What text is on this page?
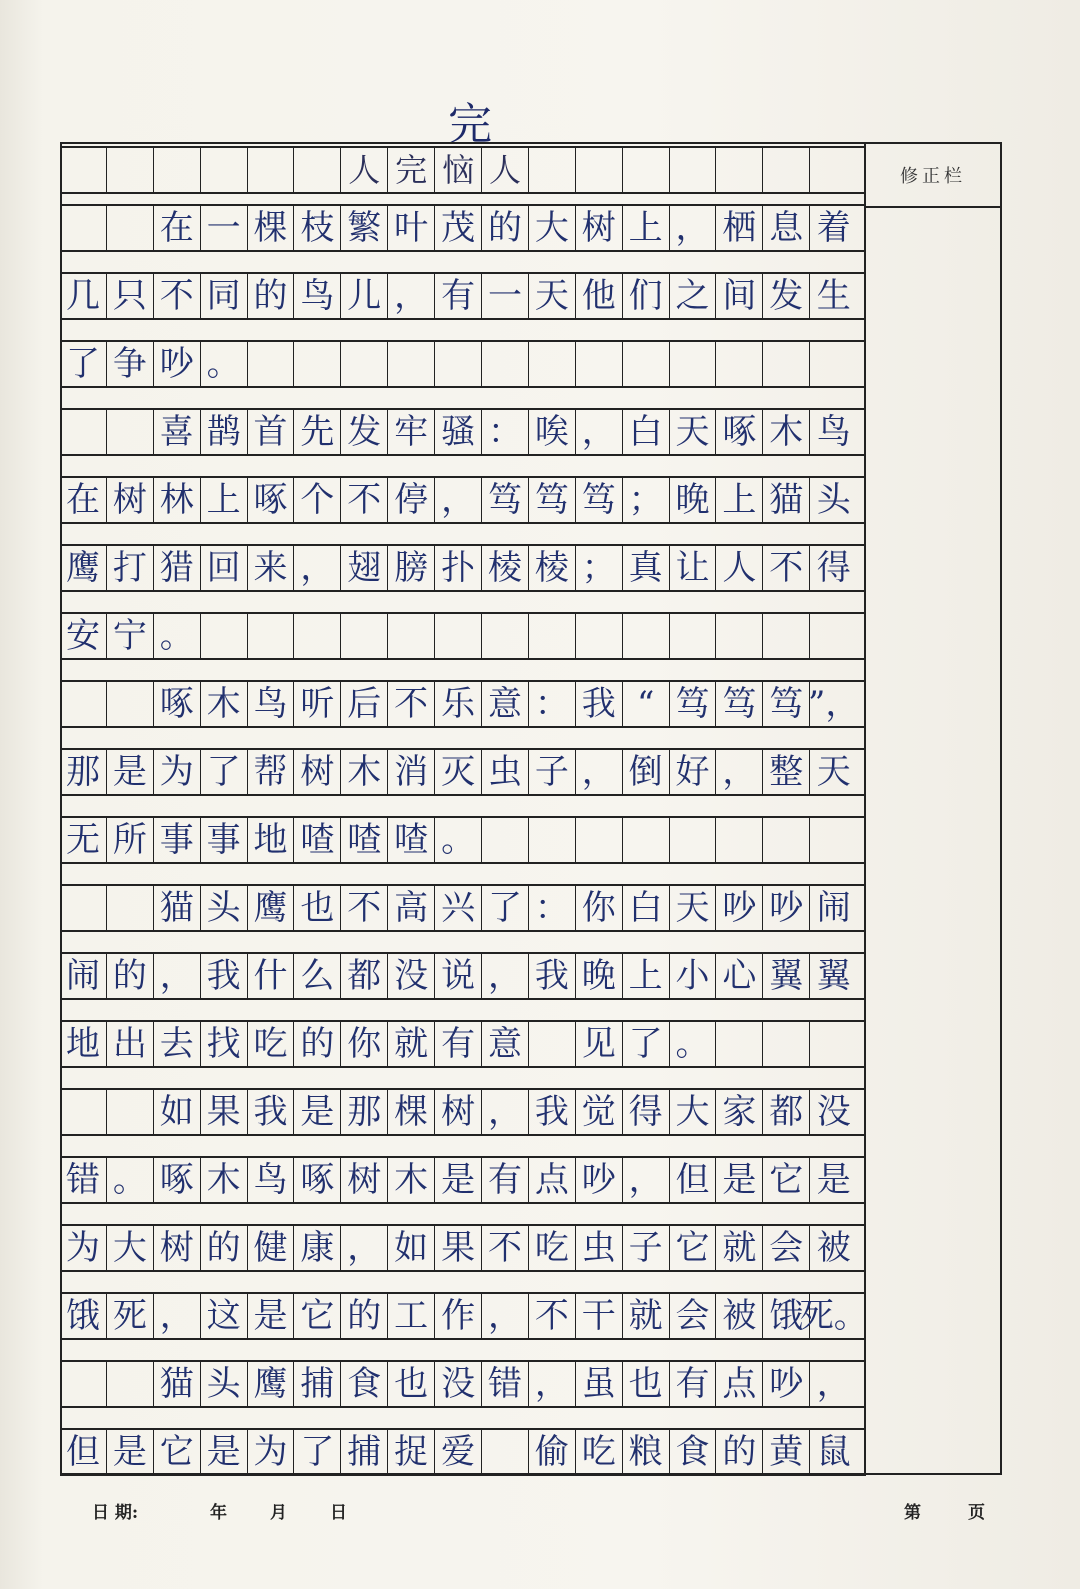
完
修正栏
人 完 恼 人
在 一 棵 枝 繁 叶 茂 的 大 树 上 ， 栖 息 着
几 只 不 同 的 鸟 儿 ， 有 一 天 他 们 之 间 发 生
了 争 吵 。
喜 鹊 首 先 发 牢 骚 ： 唉 ， 白 天 啄 木 鸟
在 树 林 上 啄 个 不 停 ， 笃 笃 笃 ； 晚 上 猫 头
鹰 打 猎 回 来 ， 翅 膀 扑 棱 棱 ； 真 让 人 不 得
安 宁 。
啄 木 鸟 听 后 不 乐 意 ： 我 “ 笃 笃 笃 ”，
那 是 为 了 帮 树 木 消 灭 虫 子 ， 倒 好 ， 整 天
无 所 事 事 地 喳 喳 喳 。
猫 头 鹰 也 不 高 兴 了 ： 你 白 天 吵 吵 闹
闹 的 ， 我 什 么 都 没 说 ， 我 晚 上 小 心 翼 翼
地 出 去 找 吃 的 你 就 有 意 见 了 。
如 果 我 是 那 棵 树 ， 我 觉 得 大 家 都 没
错 。 啄 木 鸟 啄 树 木 是 有 点 吵 ， 但 是 它 是
为 大 树 的 健 康 ， 如 果 不 吃 虫 子 它 就 会 被
饿 死 ， 这 是 它 的 工 作 ， 不 干 就 会 被 饿
死。
猫 头 鹰 捕 食 也 没 错 ， 虽 也 有 点 吵 ，
但 是 它 是 为 了 捕 捉 爱 偷 吃 粮 食 的 黄 鼠
日 期:	年	月	日	第	页
